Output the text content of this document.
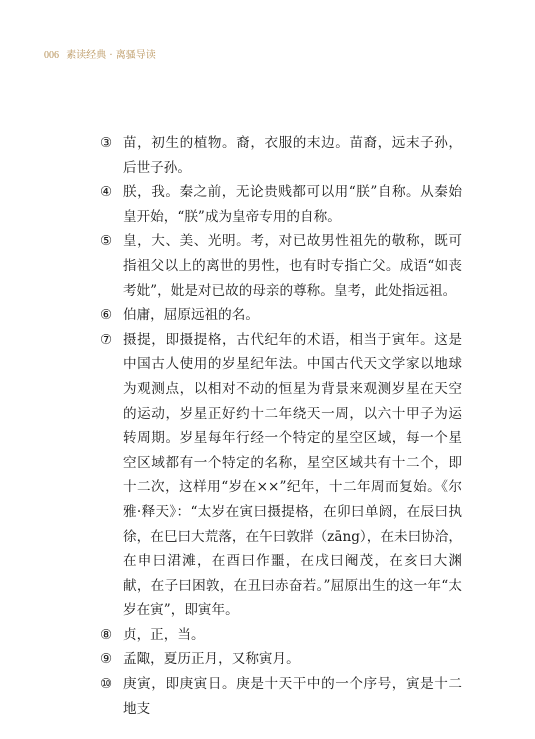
006 素读经典 · 离骚导读
③ 苗，初生的植物。裔，衣服的末边。苗裔，远末子孙，后世子孙。
④ 朕，我。秦之前，无论贵贱都可以用“朕”自称。从秦始皇开始，“朕”成为皇帝专用的自称。
⑤ 皇，大、美、光明。考，对已故男性祖先的敬称，既可指祖父以上的离世的男性，也有时专指亡父。成语“如丧考妣”，妣是对已故的母亲的尊称。皇考，此处指远祖。
⑥ 伯庸，屈原远祖的名。
⑦ 摄提，即摄提格，古代纪年的术语，相当于寅年。这是中国古人使用的岁星纪年法。中国古代天文学家以地球为观测点，以相对不动的恒星为背景来观测岁星在天空的运动，岁星正好约十二年绕天一周，以六十甲子为运转周期。岁星每年行经一个特定的星空区域，每一个星空区域都有一个特定的名称，星空区域共有十二个，即十二次，这样用“岁在××”纪年，十二年周而复始。《尔雅·释天》：“太岁在寅曰摄提格，在卯曰单阏，在辰曰执徐，在巳曰大荒落，在午曰敦牂（zāng），在未曰协洽，在申曰涒滩，在酉曰作噩，在戌曰阉茂，在亥曰大渊献，在子曰困敦，在丑曰赤奋若。”屈原出生的这一年“太岁在寅”，即寅年。
⑧ 贞，正，当。
⑨ 孟陬，夏历正月，又称寅月。
⑩ 庚寅，即庚寅日。庚是十天干中的一个序号，寅是十二地支
